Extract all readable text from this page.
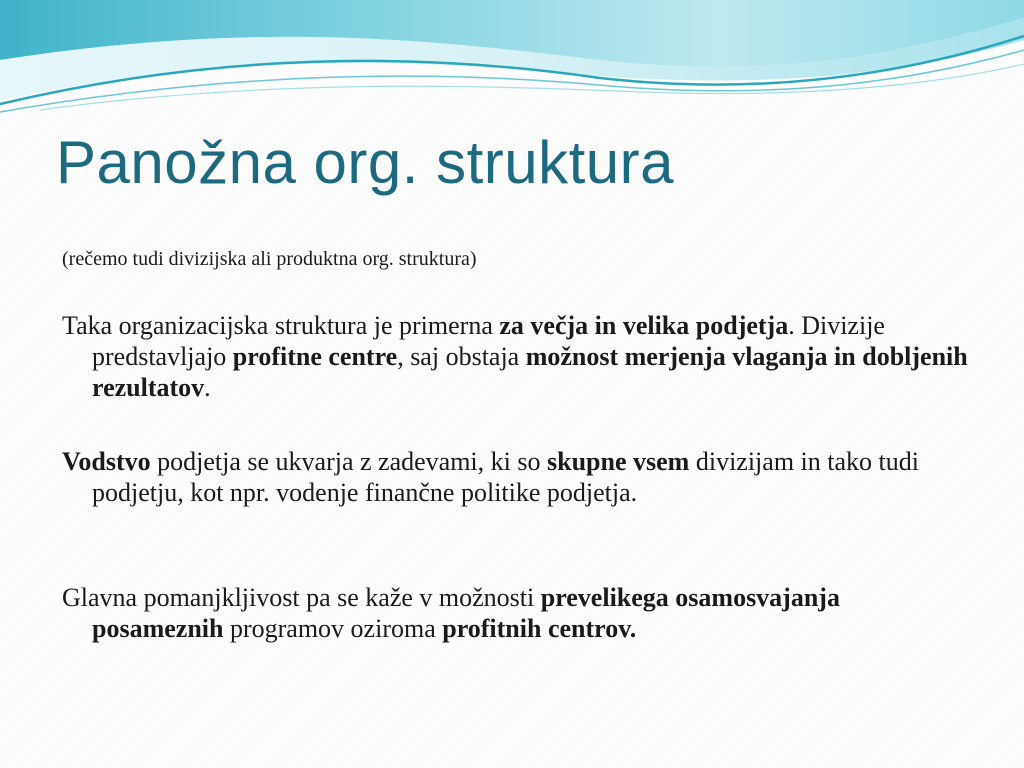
Panožna org. struktura

(rečemo tudi divizijska ali produktna org. struktura)

Taka organizacijska struktura je primerna za večja in velika podjetja. Divizije predstavljajo profitne centre, saj obstaja možnost merjenja vlaganja in dobljenih rezultatov.

Vodstvo podjetja se ukvarja z zadevami, ki so skupne vsem divizijam in tako tudi podjetju, kot npr. vodenje finančne politike podjetja.

Glavna pomanjkljivost pa se kaže v možnosti prevelikega osamosvajanja posameznih programov oziroma profitnih centrov.
